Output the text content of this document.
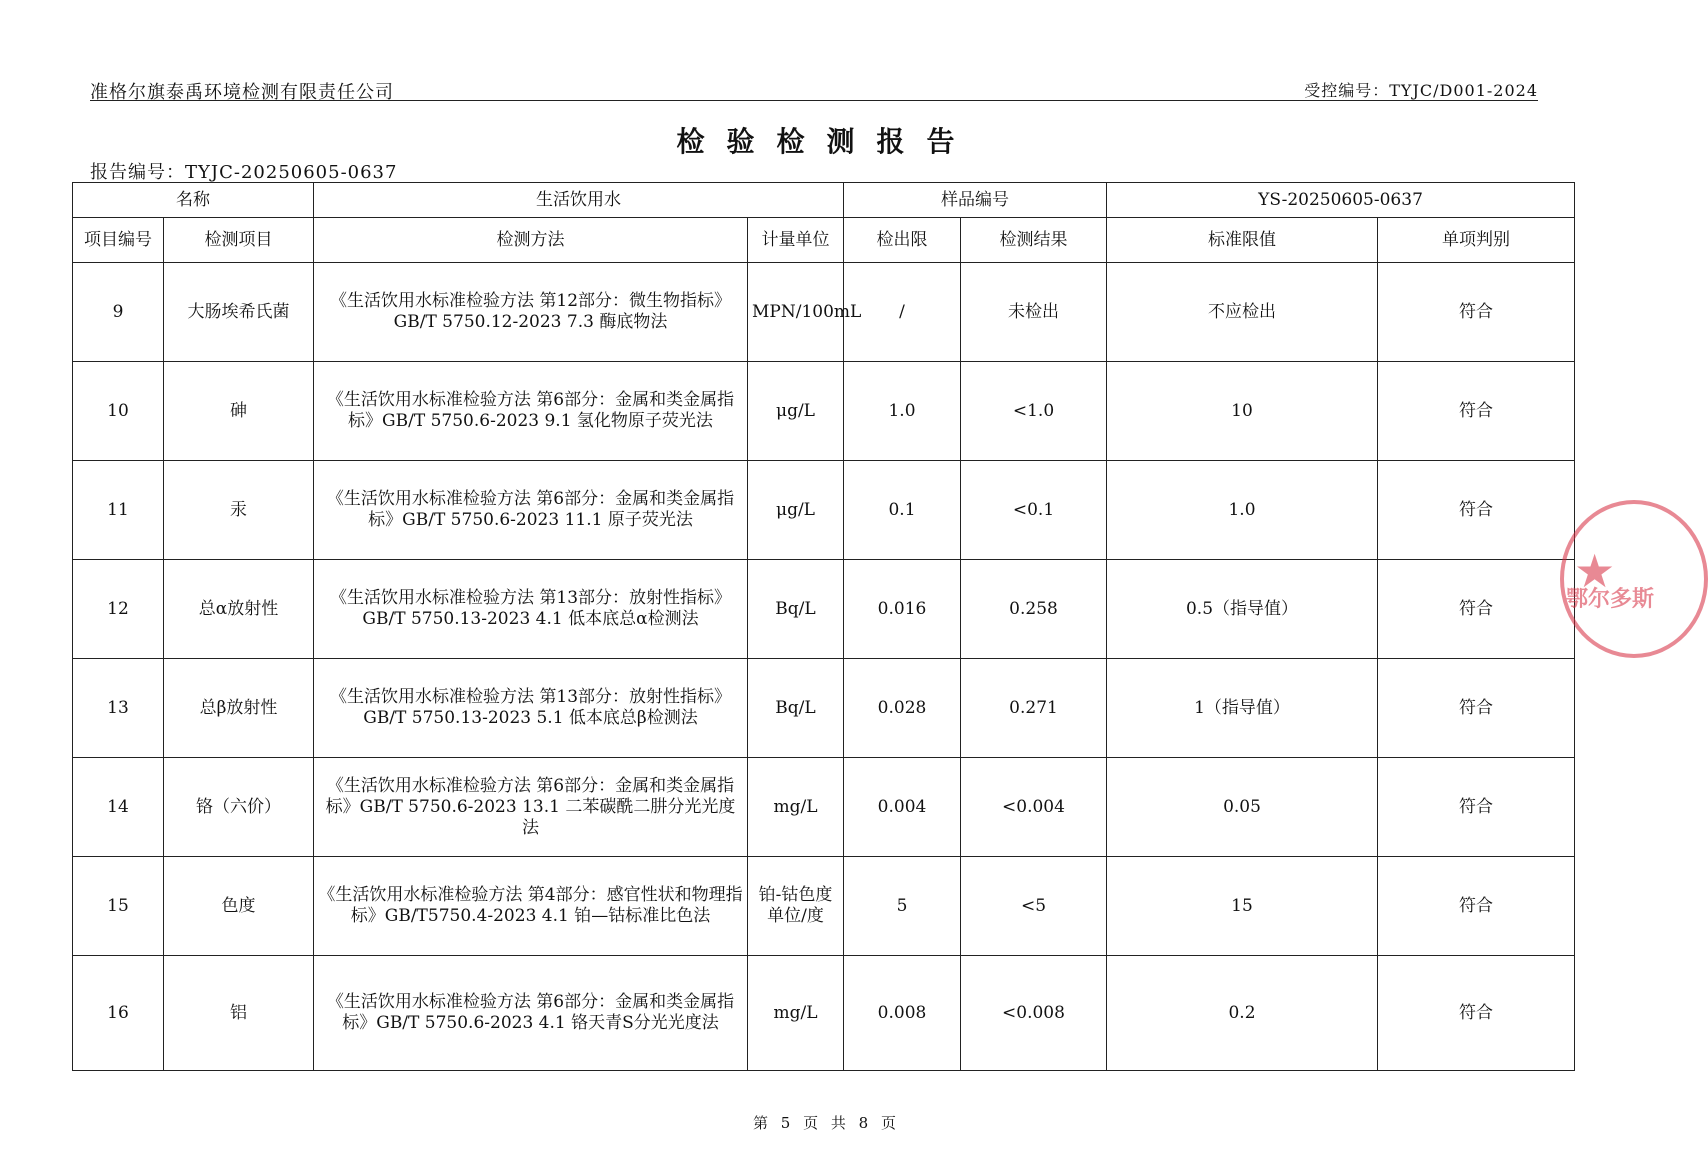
准格尔旗泰禹环境检测有限责任公司	受控编号：TYJC/D001-2024
检验检测报告
报告编号：TYJC-20250605-0637
名称		生活饮用水		样品编号		YS-20250605-0637	
项目编号	检测项目	检测方法	计量单位	检出限	检测结果	标准限值	单项判别
9	大肠埃希氏菌	《生活饮用水标准检验方法 第12部分：微生物指标》GB/T 5750.12-2023 7.3 酶底物法	MPN/100mL	/	未检出	不应检出	符合
10	砷	《生活饮用水标准检验方法 第6部分：金属和类金属指标》GB/T 5750.6-2023 9.1 氢化物原子荧光法	μg/L	1.0	<1.0	10	符合
11	汞	《生活饮用水标准检验方法 第6部分：金属和类金属指标》GB/T 5750.6-2023 11.1 原子荧光法	μg/L	0.1	<0.1	1.0	符合
12	总α放射性	《生活饮用水标准检验方法 第13部分：放射性指标》GB/T 5750.13-2023 4.1 低本底总α检测法	Bq/L	0.016	0.258	0.5（指导值）	符合
13	总β放射性	《生活饮用水标准检验方法 第13部分：放射性指标》GB/T 5750.13-2023 5.1 低本底总β检测法	Bq/L	0.028	0.271	1（指导值）	符合
14	铬（六价）	《生活饮用水标准检验方法 第6部分：金属和类金属指标》GB/T 5750.6-2023 13.1 二苯碳酰二肼分光光度法	mg/L	0.004	<0.004	0.05	符合
15	色度	《生活饮用水标准检验方法 第4部分：感官性状和物理指标》GB/T5750.4-2023 4.1 铂—钴标准比色法	铂-钴色度单位/度	5	<5	15	符合
16	铝	《生活饮用水标准检验方法 第6部分：金属和类金属指标》GB/T 5750.6-2023 4.1 铬天青S分光光度法	mg/L	0.008	<0.008	0.2	符合
★
鄂尔多斯
第 5 页 共 8 页
